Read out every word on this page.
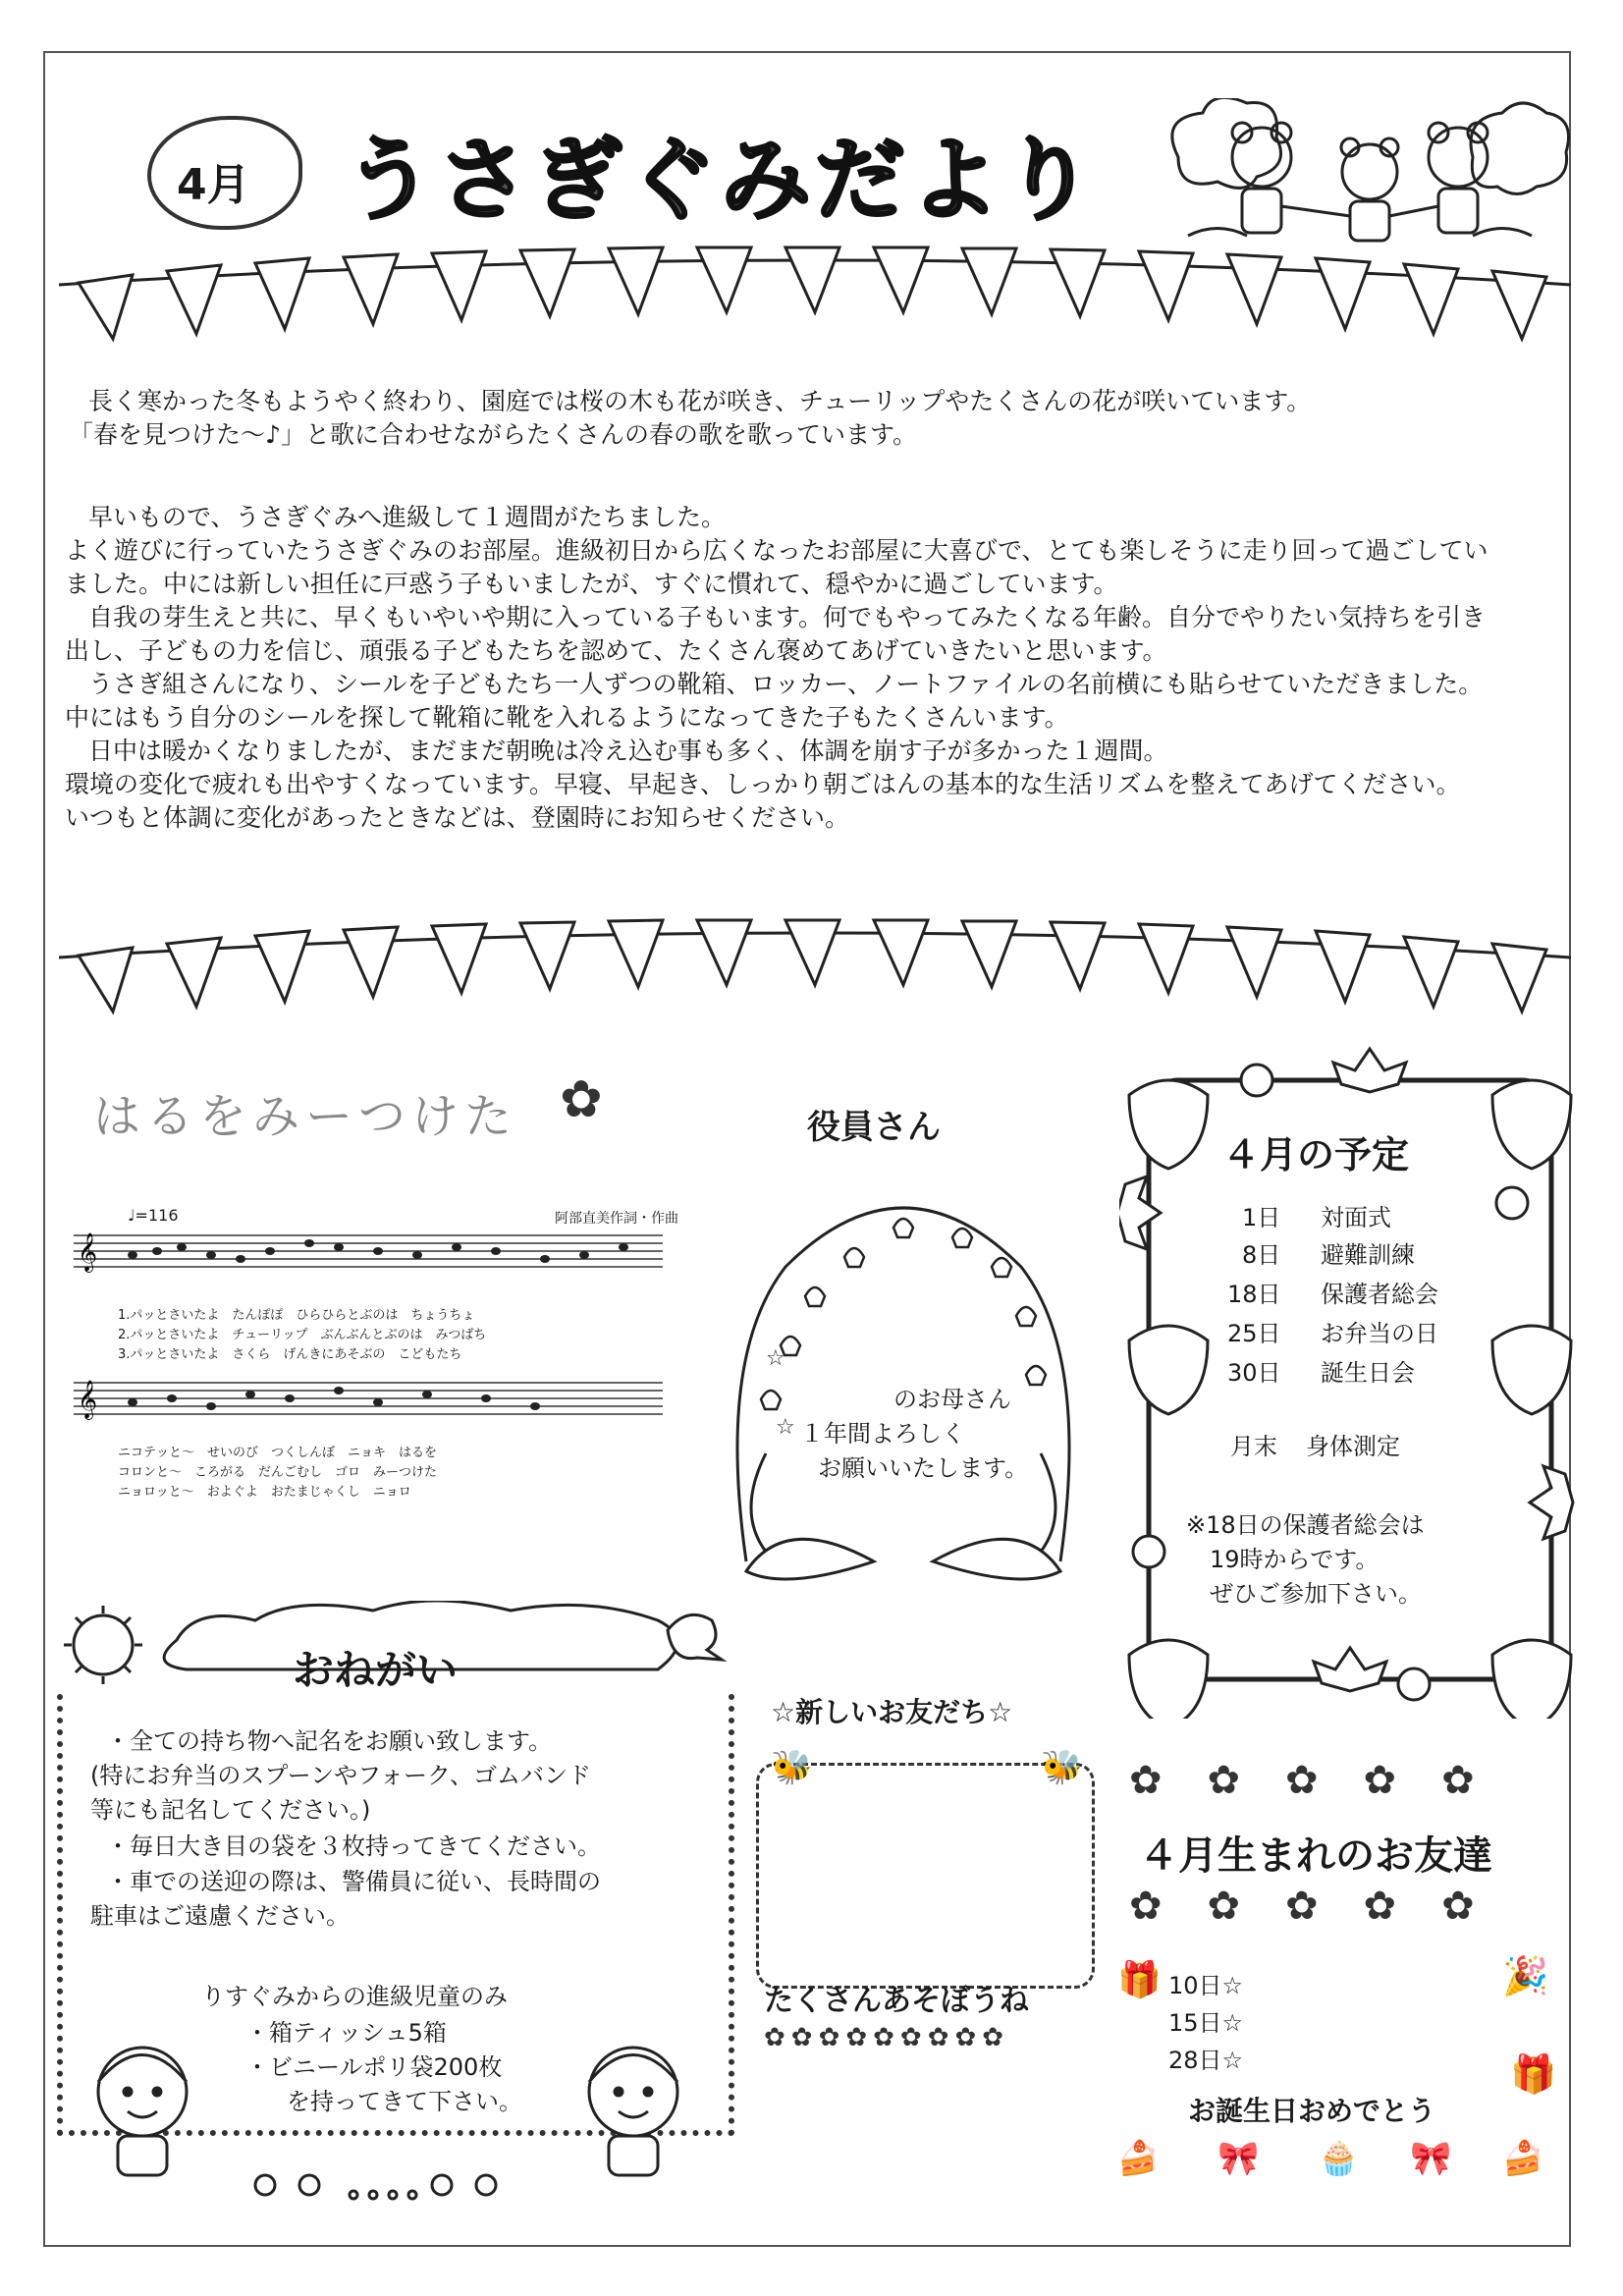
4月 うさぎぐみだより
長く寒かった冬もようやく終わり、園庭では桜の木も花が咲き、チューリップやたくさんの花が咲いています。
「春を見つけた～♪」と歌に合わせながらたくさんの春の歌を歌っています。
早いもので、うさぎぐみへ進級して１週間がたちました。
よく遊びに行っていたうさぎぐみのお部屋。進級初日から広くなったお部屋に大喜びで、とても楽しそうに走り回って過ごしてい
ました。中には新しい担任に戸惑う子もいましたが、すぐに慣れて、穏やかに過ごしています。
自我の芽生えと共に、早くもいやいや期に入っている子もいます。何でもやってみたくなる年齢。自分でやりたい気持ちを引き
出し、子どもの力を信じ、頑張る子どもたちを認めて、たくさん褒めてあげていきたいと思います。
うさぎ組さんになり、シールを子どもたち一人ずつの靴箱、ロッカー、ノートファイルの名前横にも貼らせていただきました。
中にはもう自分のシールを探して靴箱に靴を入れるようになってきた子もたくさんいます。
日中は暖かくなりましたが、まだまだ朝晩は冷え込む事も多く、体調を崩す子が多かった１週間。
環境の変化で疲れも出やすくなっています。早寝、早起き、しっかり朝ごはんの基本的な生活リズムを整えてあげてください。
いつもと体調に変化があったときなどは、登園時にお知らせください。
はるをみーつけた ✿
♩=116	阿部直美作詞・作曲
𝄞
𝄞
1.パッとさいたよ　たんぽぽ　ひらひらとぶのは　ちょうちょ
2.パッとさいたよ　チューリップ　ぶんぶんとぶのは　みつばち
3.パッとさいたよ　さくら　げんきにあそぶの　こどもたち
ニコテッと～　せいのび　つくしんぼ　ニョキ　はるを
コロンと～　ころがる　だんごむし　ゴロ　みーつけた
ニョロッと～　およぐよ　おたまじゃくし　ニョロ
役員さん
☆
☆
のお母さん
１年間よろしく
お願いいたします。
４月の予定
1日 対面式
8日 避難訓練
18日 保護者総会
25日 お弁当の日
30日 誕生日会
月末 身体測定
※18日の保護者総会は
19時からです。
ぜひご参加下さい。
おねがい
・全ての持ち物へ記名をお願い致します。
(特にお弁当のスプーンやフォーク、ゴムバンド
等にも記名してください。)
・毎日大き目の袋を３枚持ってきてください。
・車での送迎の際は、警備員に従い、長時間の
駐車はご遠慮ください。
りすぐみからの進級児童のみ
・箱ティッシュ5箱
・ビニールポリ袋200枚
を持ってきて下さい。
☆新しいお友だち☆
🐝	🐝
たくさんあそぼうね
✿✿✿✿✿✿✿✿✿
✿✿✿✿✿
４月生まれのお友達
✿✿✿✿✿
🎁 10日☆
15日☆
28日☆
🎉
🎁
お誕生日おめでとう
🍰 🎀 🧁 🎀 🍰
